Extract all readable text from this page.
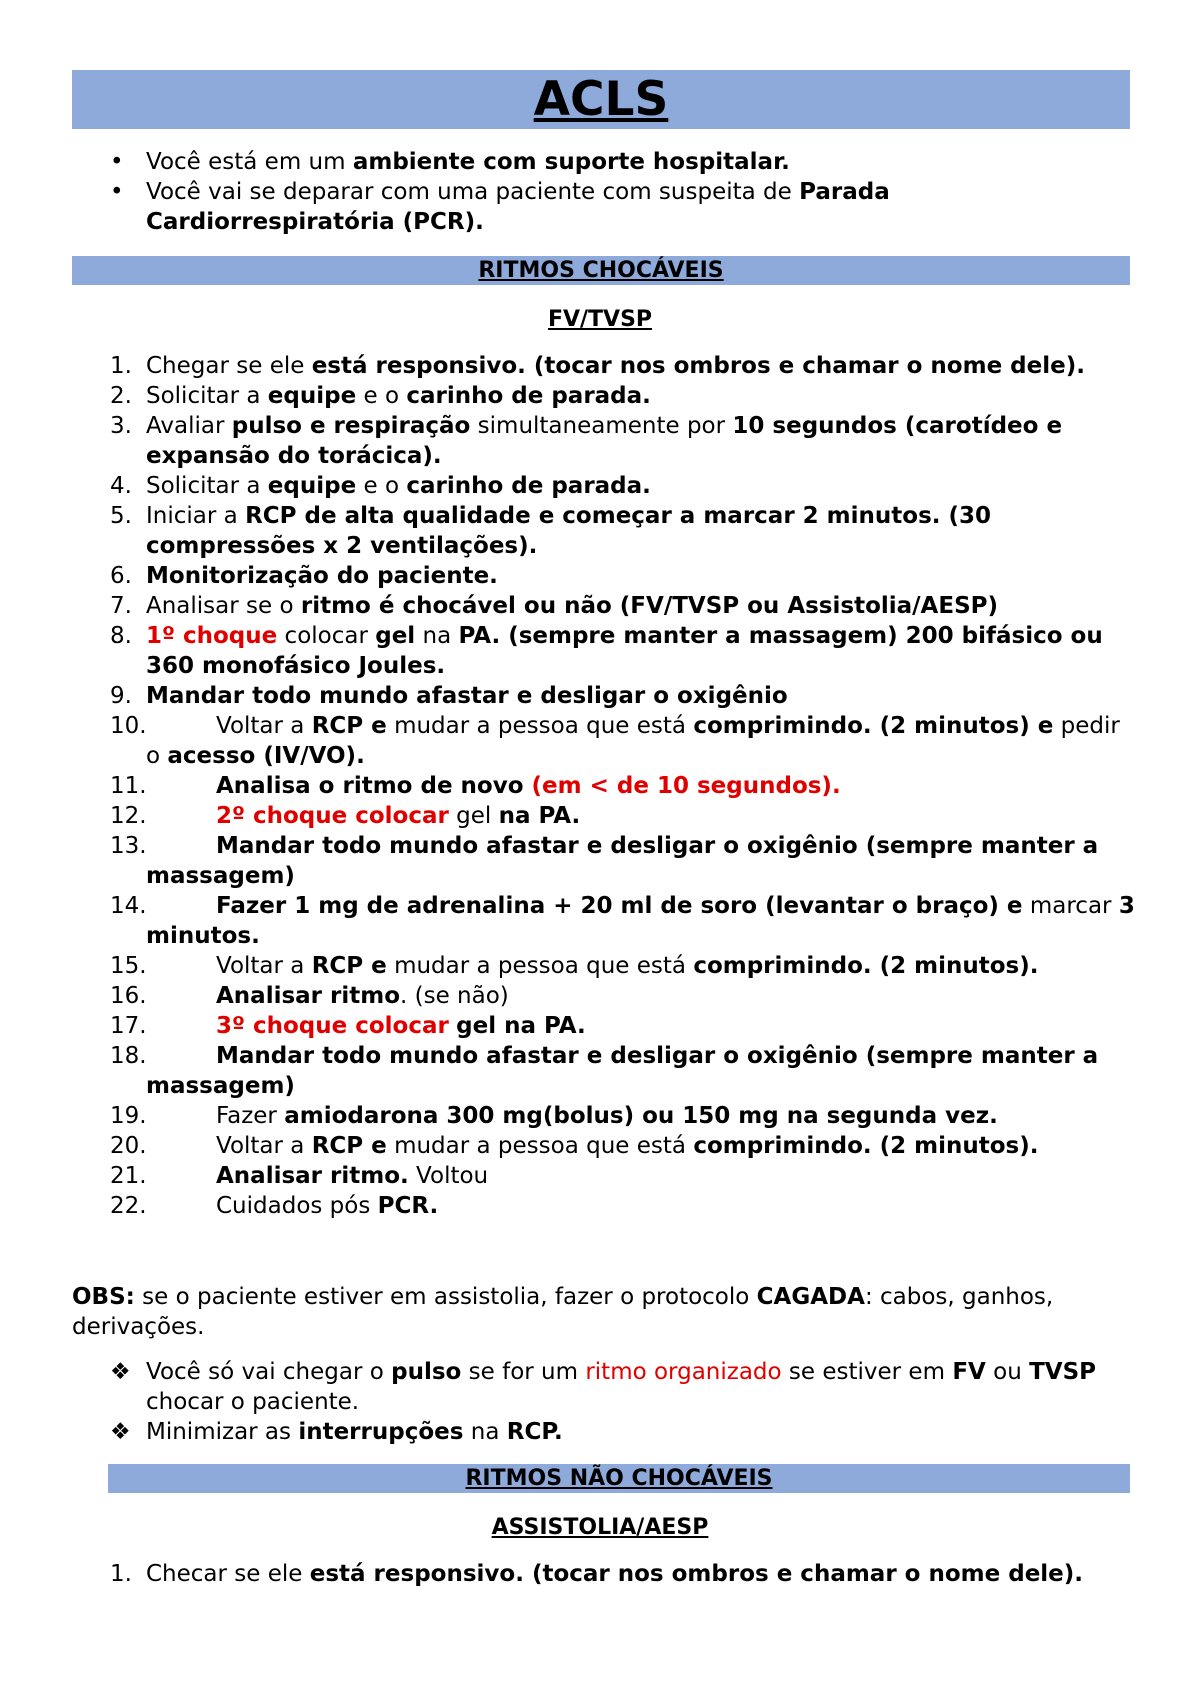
ACLS
• Você está em um ambiente com suporte hospitalar.
• Você vai se deparar com uma paciente com suspeita de Parada Cardiorrespiratória (PCR).
RITMOS CHOCÁVEIS
FV/TVSP
1. Chegar se ele está responsivo. (tocar nos ombros e chamar o nome dele).
2. Solicitar a equipe e o carinho de parada.
3. Avaliar pulso e respiração simultaneamente por 10 segundos (carotídeo e expansão do torácica).
4. Solicitar a equipe e o carinho de parada.
5. Iniciar a RCP de alta qualidade e começar a marcar 2 minutos. (30 compressões x 2 ventilações).
6. Monitorização do paciente.
7. Analisar se o ritmo é chocável ou não (FV/TVSP ou Assistolia/AESP)
8. 1º choque colocar gel na PA. (sempre manter a massagem) 200 bifásico ou 360 monofásico Joules.
9. Mandar todo mundo afastar e desligar o oxigênio
10.	Voltar a RCP e mudar a pessoa que está comprimindo. (2 minutos) e pedir o acesso (IV/VO).
11.	Analisa o ritmo de novo (em < de 10 segundos).
12.	2º choque colocar gel na PA.
13.	Mandar todo mundo afastar e desligar o oxigênio (sempre manter a massagem)
14.	Fazer 1 mg de adrenalina + 20 ml de soro (levantar o braço) e marcar 3 minutos.
15.	Voltar a RCP e mudar a pessoa que está comprimindo. (2 minutos).
16.	Analisar ritmo. (se não)
17.	3º choque colocar gel na PA.
18.	Mandar todo mundo afastar e desligar o oxigênio (sempre manter a massagem)
19.	Fazer amiodarona 300 mg(bolus) ou 150 mg na segunda vez.
20.	Voltar a RCP e mudar a pessoa que está comprimindo. (2 minutos).
21.	Analisar ritmo. Voltou
22.	Cuidados pós PCR.
OBS: se o paciente estiver em assistolia, fazer o protocolo CAGADA: cabos, ganhos, derivações.
❖ Você só vai chegar o pulso se for um ritmo organizado se estiver em FV ou TVSP chocar o paciente.
❖ Minimizar as interrupções na RCP.
RITMOS NÃO CHOCÁVEIS
ASSISTOLIA/AESP
1. Checar se ele está responsivo. (tocar nos ombros e chamar o nome dele).
